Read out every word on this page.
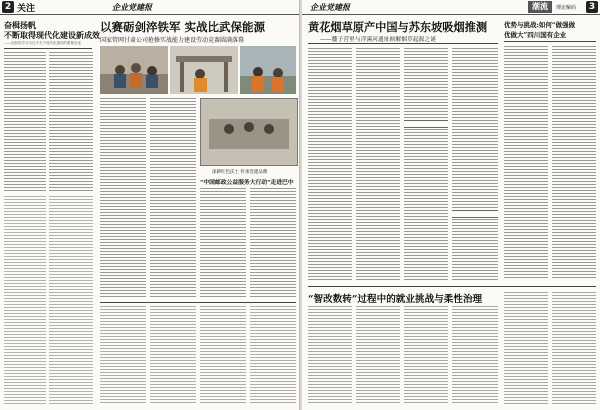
2 关注	企业党建报
奋楫扬帆
不断取得现代化建设新成效
——论如何学习习近平关于现代化建设的重要论述
以赛砺剑淬铁军 实战比武保能源
国家管网甘肃公司抢修实战能力建设劳动竞赛圆满落幕
深耕红色沃土 传承党建品牌
“中国邮政公益服务大行动”走进巴中
企业党建报	潮流	理论解码	3
黄花烟草原产中国与苏东坡吸烟推测
——麓子营里与浮溪河遗址候解烟草起源之谜
优势与挑战:如何“做强做
优做大”四川国有企业
“智改数转”过程中的就业挑战与柔性治理
